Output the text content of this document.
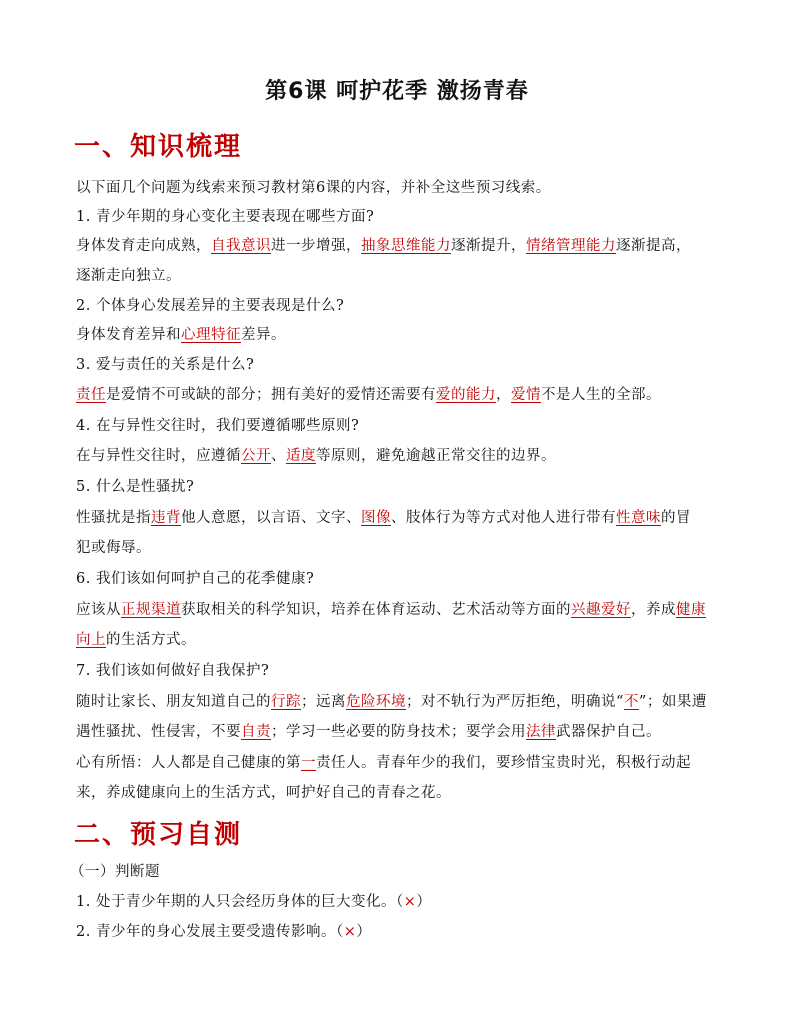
第6课 呵护花季 激扬青春
一、知识梳理
以下面几个问题为线索来预习教材第6课的内容，并补全这些预习线索。
1. 青少年期的身心变化主要表现在哪些方面?
身体发育走向成熟，自我意识进一步增强，抽象思维能力逐渐提升，情绪管理能力逐渐提高，
逐渐走向独立。
2. 个体身心发展差异的主要表现是什么?
身体发育差异和心理特征差异。
3. 爱与责任的关系是什么?
责任是爱情不可或缺的部分；拥有美好的爱情还需要有爱的能力，爱情不是人生的全部。
4. 在与异性交往时，我们要遵循哪些原则?
在与异性交往时，应遵循公开、适度等原则，避免逾越正常交往的边界。
5. 什么是性骚扰?
性骚扰是指违背他人意愿，以言语、文字、图像、肢体行为等方式对他人进行带有性意味的冒
犯或侮辱。
6. 我们该如何呵护自己的花季健康?
应该从正规渠道获取相关的科学知识，培养在体育运动、艺术活动等方面的兴趣爱好，养成健康
向上的生活方式。
7. 我们该如何做好自我保护?
随时让家长、朋友知道自己的行踪；远离危险环境；对不轨行为严厉拒绝，明确说“不”；如果遭
遇性骚扰、性侵害，不要自责；学习一些必要的防身技术；要学会用法律武器保护自己。
心有所悟：人人都是自己健康的第一责任人。青春年少的我们，要珍惜宝贵时光，积极行动起
来，养成健康向上的生活方式，呵护好自己的青春之花。
二、预习自测
（一）判断题
1. 处于青少年期的人只会经历身体的巨大变化。（×）
2. 青少年的身心发展主要受遗传影响。（×）
